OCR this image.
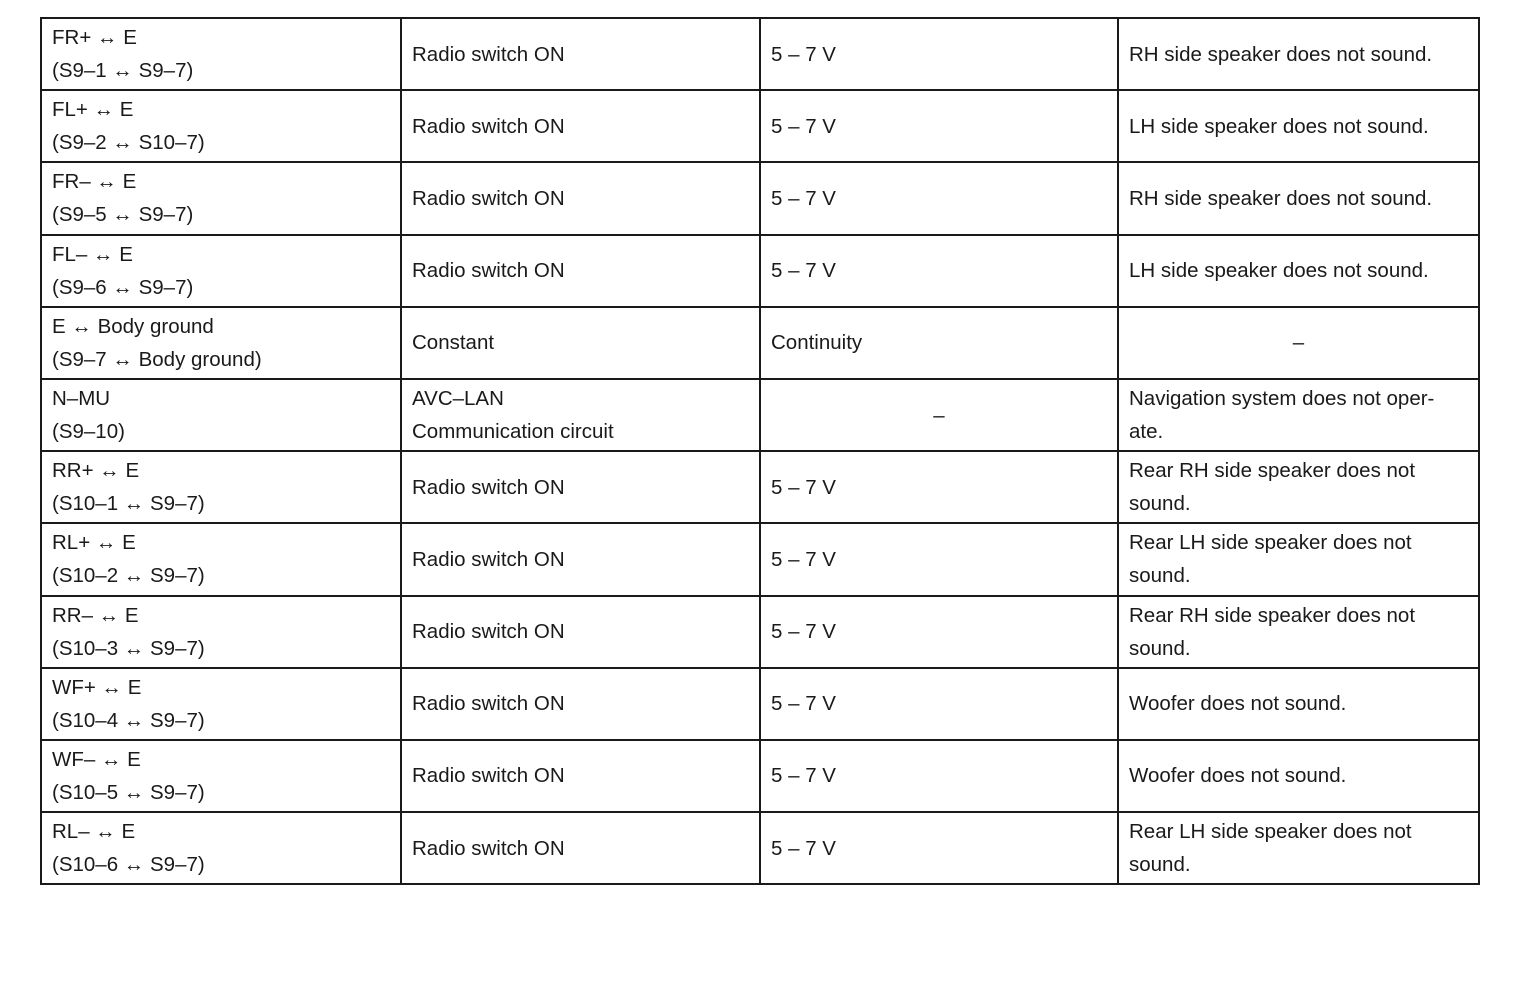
FR+ ↔ E
(S9–1 ↔ S9–7)	Radio switch ON	5 – 7 V	RH side speaker does not sound.

FL+ ↔ E
(S9–2 ↔ S10–7)	Radio switch ON	5 – 7 V	LH side speaker does not sound.

FR– ↔ E
(S9–5 ↔ S9–7)	Radio switch ON	5 – 7 V	RH side speaker does not sound.

FL– ↔ E
(S9–6 ↔ S9–7)	Radio switch ON	5 – 7 V	LH side speaker does not sound.

E ↔ Body ground
(S9–7 ↔ Body ground)	Constant	Continuity	–

N–MU
(S9–10)	AVC–LAN
Communication circuit	–	Navigation system does not oper-
ate.

RR+ ↔ E
(S10–1 ↔ S9–7)	Radio switch ON	5 – 7 V	Rear RH side speaker does not
sound.

RL+ ↔ E
(S10–2 ↔ S9–7)	Radio switch ON	5 – 7 V	Rear LH side speaker does not
sound.

RR– ↔ E
(S10–3 ↔ S9–7)	Radio switch ON	5 – 7 V	Rear RH side speaker does not
sound.

WF+ ↔ E
(S10–4 ↔ S9–7)	Radio switch ON	5 – 7 V	Woofer does not sound.

WF– ↔ E
(S10–5 ↔ S9–7)	Radio switch ON	5 – 7 V	Woofer does not sound.

RL– ↔ E
(S10–6 ↔ S9–7)	Radio switch ON	5 – 7 V	Rear LH side speaker does not
sound.
